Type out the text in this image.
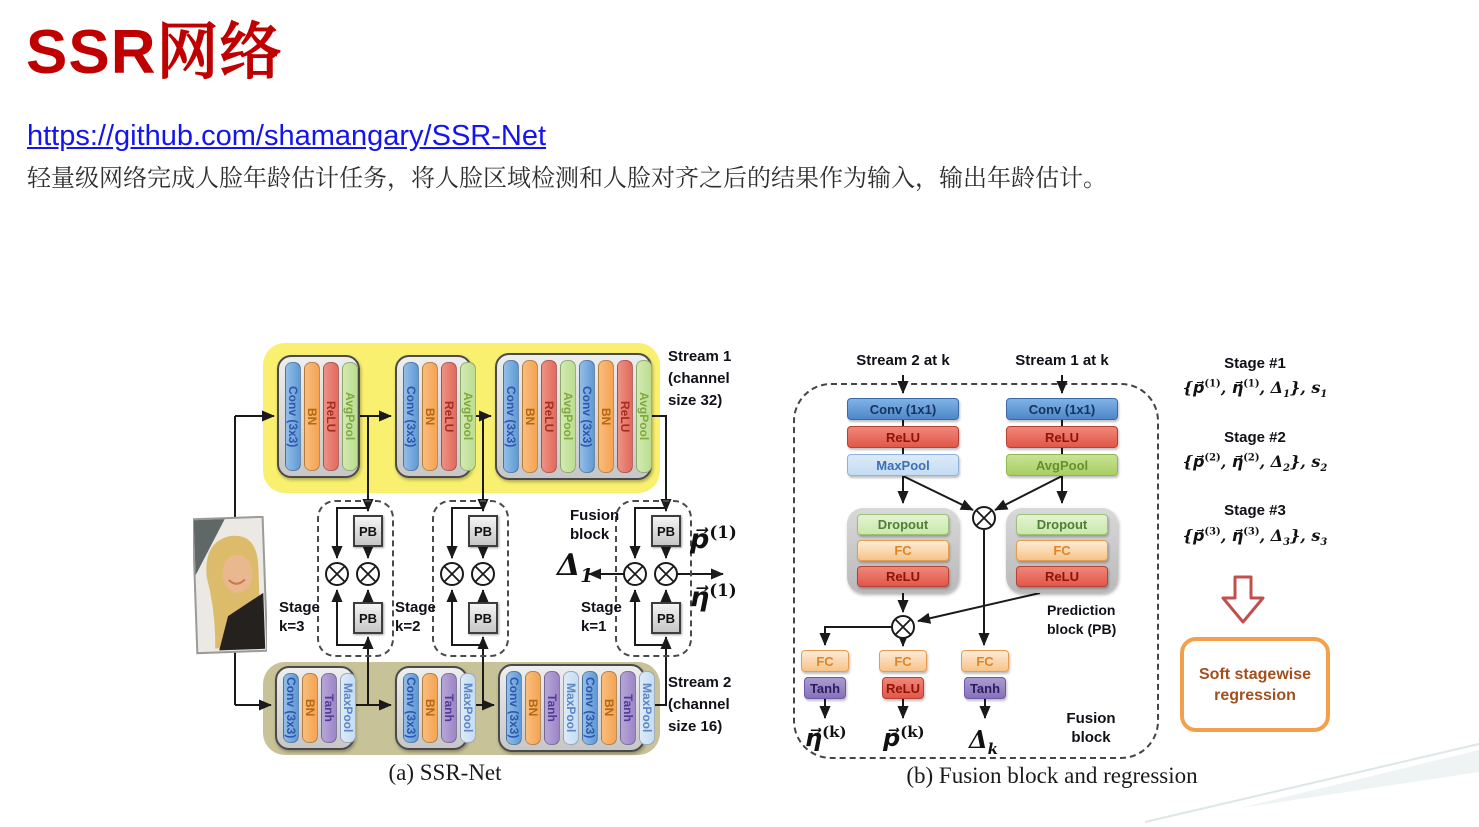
SSR网络
https://github.com/shamangary/SSR-Net
轻量级网络完成人脸年龄估计任务，将人脸区域检测和人脸对齐之后的结果作为输入，输出年龄估计。
Conv (3x3) BN ReLU AvgPool	Conv (3x3) BN ReLU AvgPool Conv (3x3) BN ReLU AvgPool Conv (3x3) BN ReLU AvgPool
Conv (3x3) BN Tanh MaxPool	Conv (3x3) BN Tanh MaxPool	Conv (3x3) BN Tanh MaxPool Conv (3x3) BN Tanh MaxPool
PB
PB
PB
PB
PB
PB
Stage
k=3
Stage
k=2
Stage
k=1
Fusion
block
Stream 1
(channel
size 32)
Stream 2
(channel
size 16)
$\Delta_1$
p⃗$^{(1)}$
η⃗$^{(1)}$
(a) SSR-Net
Stream 2 at k	Stream 1 at k
Conv (1x1)
ReLU
MaxPool
Conv (1x1)
ReLU
AvgPool
Dropout
FC
ReLU
Dropout
FC
ReLU
Prediction
block (PB)
FC
Tanh
FC
ReLU
FC
Tanh
η⃗$^{(k)}$ p⃗$^{(k)}$ $\Delta_k$
Fusion
block
(b) Fusion block and regression
Stage #1
{p⃗$^{(1)}$, η⃗$^{(1)}$, $\Delta_1$}, $s_1$
Stage #2
{p⃗$^{(2)}$, η⃗$^{(2)}$, $\Delta_2$}, $s_2$
Stage #3
{p⃗$^{(3)}$, η⃗$^{(3)}$, $\Delta_3$}, $s_3$
Soft stagewise
regression
